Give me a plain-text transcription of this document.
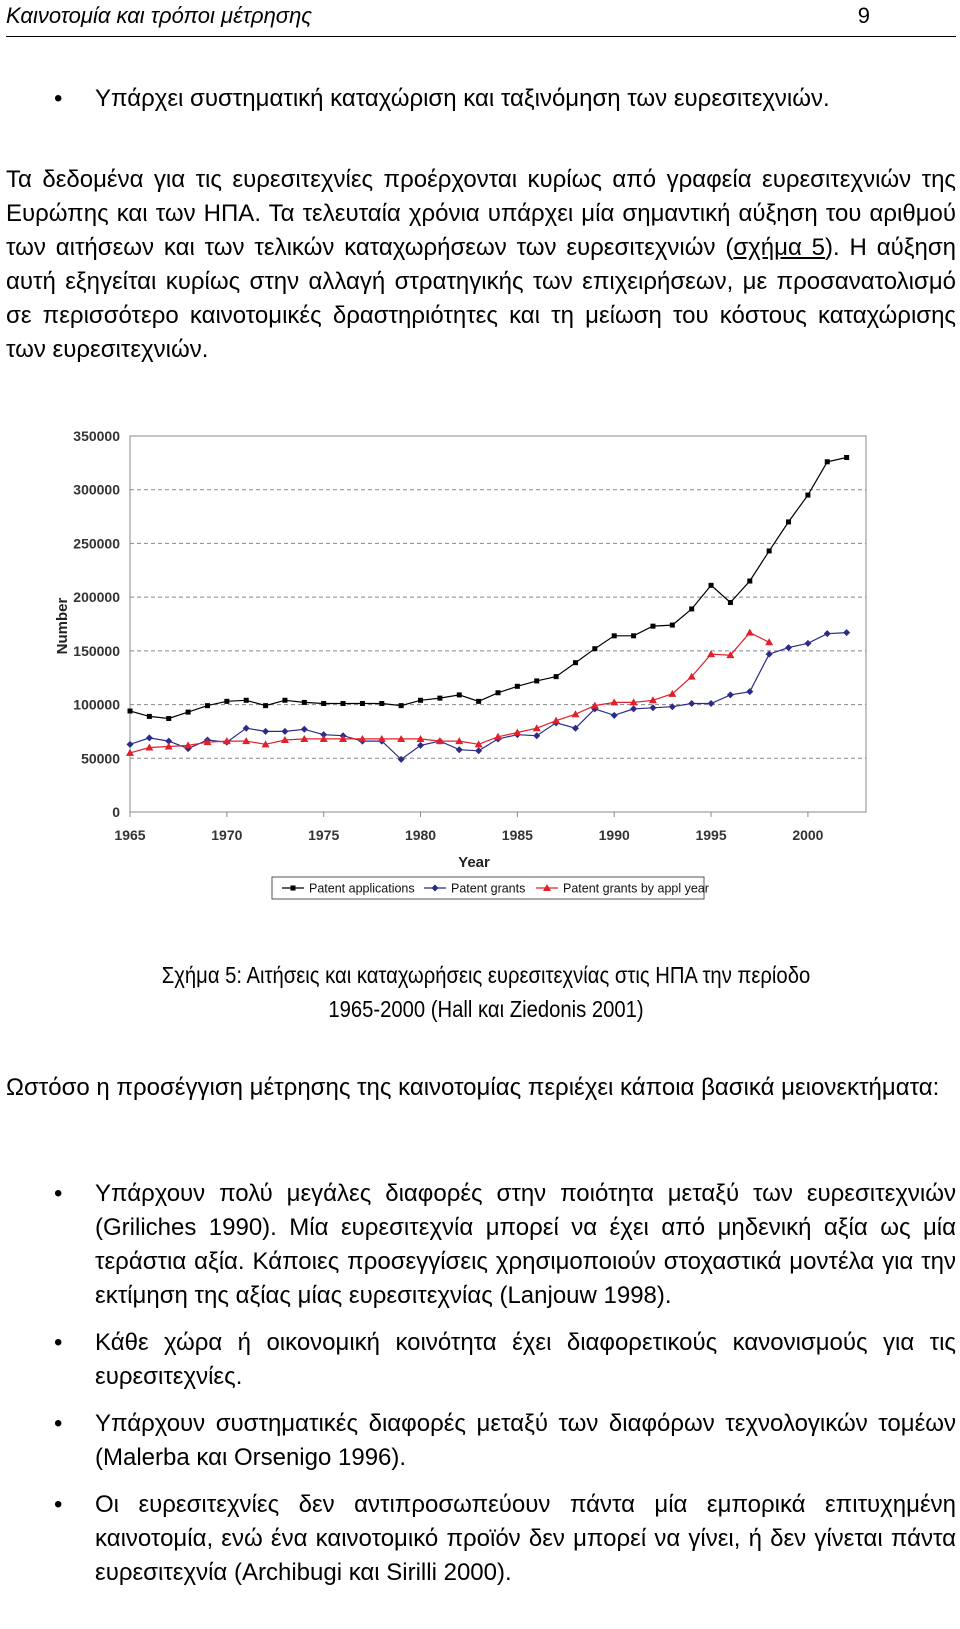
Καινοτομία και τρόποι μέτρησης	9
• Υπάρχει συστηματική καταχώριση και ταξινόμηση των ευρεσιτεχνιών.

Τα δεδομένα για τις ευρεσιτεχνίες προέρχονται κυρίως από γραφεία ευρεσιτεχνιών της Ευρώπης και των ΗΠΑ. Τα τελευταία χρόνια υπάρχει μία σημαντική αύξηση του αριθμού των αιτήσεων και των τελικών καταχωρήσεων των ευρεσιτεχνιών (σχήμα 5). Η αύξηση αυτή εξηγείται κυρίως στην αλλαγή στρατηγικής των επιχειρήσεων, με προσανατολισμό σε περισσότερο καινοτομικές δραστηριότητες και τη μείωση του κόστους καταχώρισης των ευρεσιτεχνιών.

0
50000
100000
150000
200000
250000
300000
350000
1965	1970	1975	1980	1985	1990	1995	2000
Year
Number
Patent applications	Patent grants	Patent grants by appl year
Σχήμα 5: Αιτήσεις και καταχωρήσεις ευρεσιτεχνίας στις ΗΠΑ την περίοδο
1965-2000 (Hall και Ziedonis 2001)

Ωστόσο η προσέγγιση μέτρησης της καινοτομίας περιέχει κάποια βασικά μειονεκτήματα:

• Υπάρχουν πολύ μεγάλες διαφορές στην ποιότητα μεταξύ των ευρεσιτεχνιών (Griliches 1990). Μία ευρεσιτεχνία μπορεί να έχει από μηδενική αξία ως μία τεράστια αξία. Κάποιες προσεγγίσεις χρησιμοποιούν στοχαστικά μοντέλα για την εκτίμηση της αξίας μίας ευρεσιτεχνίας (Lanjouw 1998).
• Κάθε χώρα ή οικονομική κοινότητα έχει διαφορετικούς κανονισμούς για τις ευρεσιτεχνίες.
• Υπάρχουν συστηματικές διαφορές μεταξύ των διαφόρων τεχνολογικών τομέων (Malerba και Orsenigo 1996).
• Οι ευρεσιτεχνίες δεν αντιπροσωπεύουν πάντα μία εμπορικά επιτυχημένη καινοτομία, ενώ ένα καινοτομικό προϊόν δεν μπορεί να γίνει, ή δεν γίνεται πάντα ευρεσιτεχνία (Archibugi και Sirilli 2000).
